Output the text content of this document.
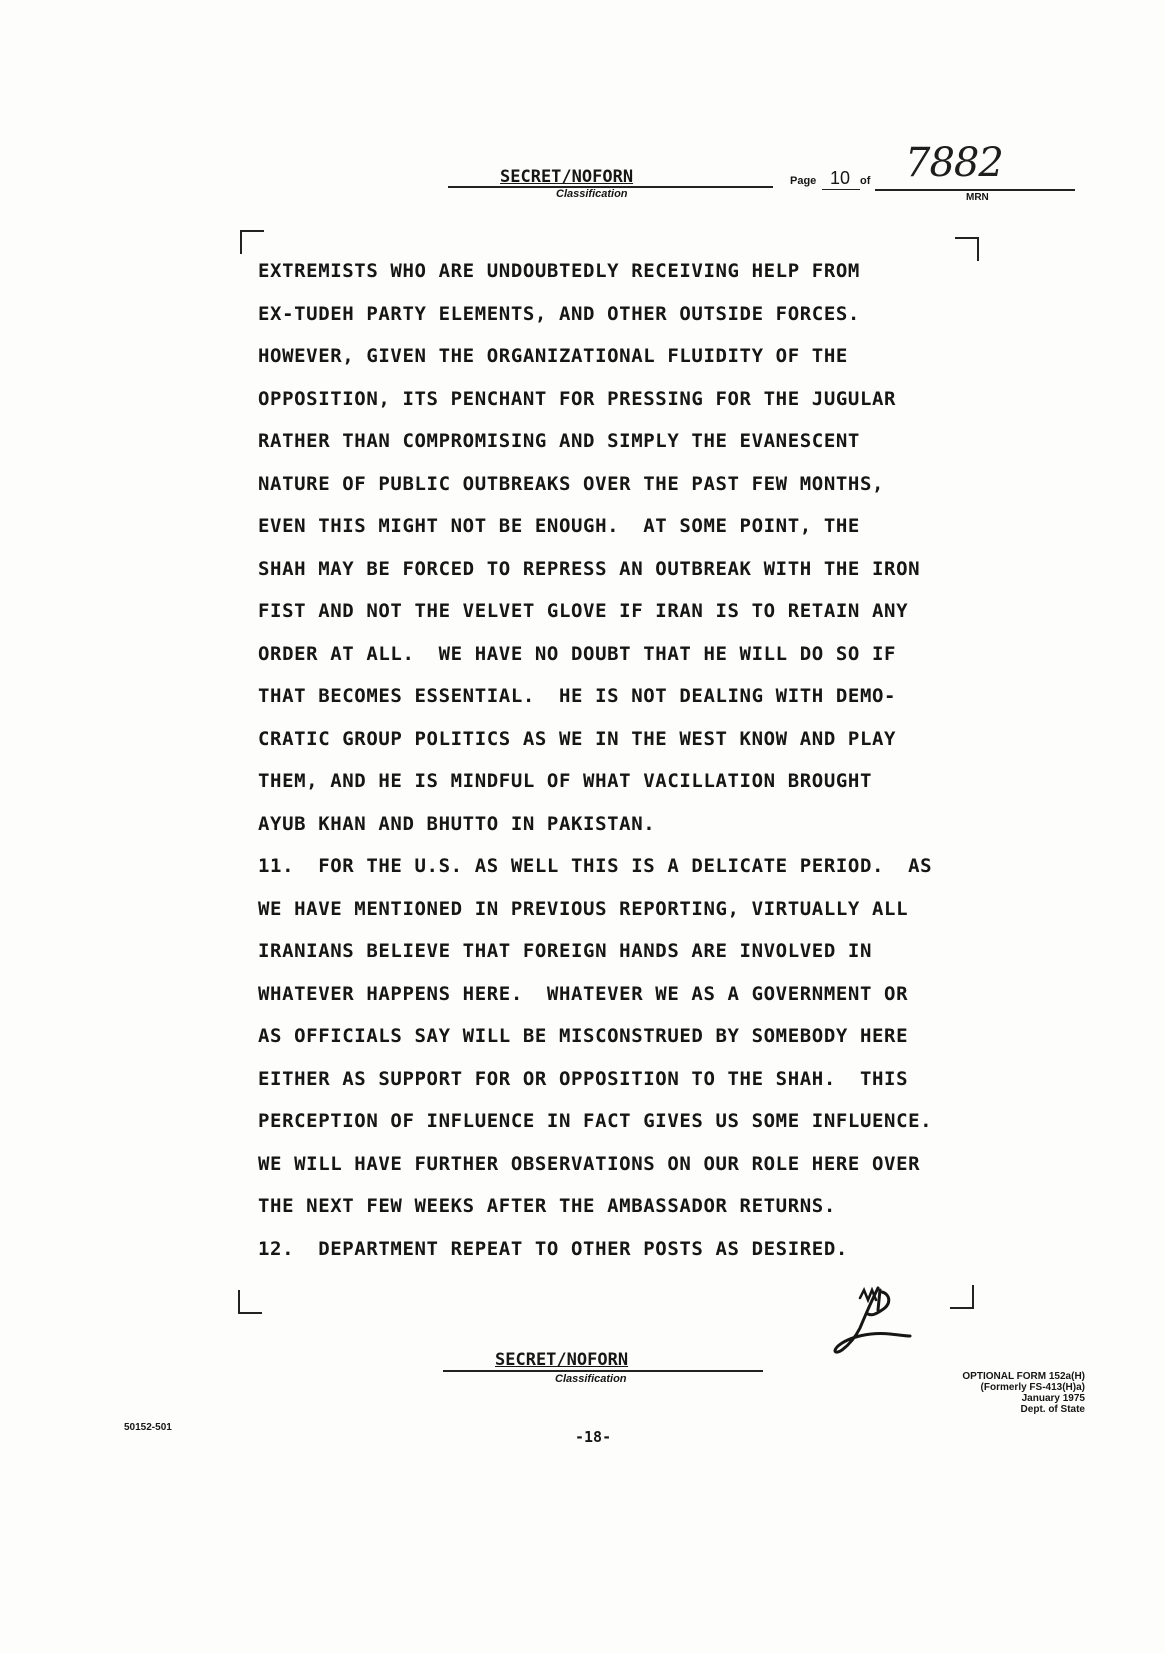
SECRET/NOFORN
Classification
Page 10 of 7882
MRN
EXTREMISTS WHO ARE UNDOUBTEDLY RECEIVING HELP FROM
EX-TUDEH PARTY ELEMENTS, AND OTHER OUTSIDE FORCES.
HOWEVER, GIVEN THE ORGANIZATIONAL FLUIDITY OF THE
OPPOSITION, ITS PENCHANT FOR PRESSING FOR THE JUGULAR
RATHER THAN COMPROMISING AND SIMPLY THE EVANESCENT
NATURE OF PUBLIC OUTBREAKS OVER THE PAST FEW MONTHS,
EVEN THIS MIGHT NOT BE ENOUGH.  AT SOME POINT, THE
SHAH MAY BE FORCED TO REPRESS AN OUTBREAK WITH THE IRON
FIST AND NOT THE VELVET GLOVE IF IRAN IS TO RETAIN ANY
ORDER AT ALL.  WE HAVE NO DOUBT THAT HE WILL DO SO IF
THAT BECOMES ESSENTIAL.  HE IS NOT DEALING WITH DEMO-
CRATIC GROUP POLITICS AS WE IN THE WEST KNOW AND PLAY
THEM, AND HE IS MINDFUL OF WHAT VACILLATION BROUGHT
AYUB KHAN AND BHUTTO IN PAKISTAN.
11.  FOR THE U.S. AS WELL THIS IS A DELICATE PERIOD.  AS
WE HAVE MENTIONED IN PREVIOUS REPORTING, VIRTUALLY ALL
IRANIANS BELIEVE THAT FOREIGN HANDS ARE INVOLVED IN
WHATEVER HAPPENS HERE.  WHATEVER WE AS A GOVERNMENT OR
AS OFFICIALS SAY WILL BE MISCONSTRUED BY SOMEBODY HERE
EITHER AS SUPPORT FOR OR OPPOSITION TO THE SHAH.  THIS
PERCEPTION OF INFLUENCE IN FACT GIVES US SOME INFLUENCE.
WE WILL HAVE FURTHER OBSERVATIONS ON OUR ROLE HERE OVER
THE NEXT FEW WEEKS AFTER THE AMBASSADOR RETURNS.
12.  DEPARTMENT REPEAT TO OTHER POSTS AS DESIRED.
SECRET/NOFORN
Classification	OPTIONAL FORM 152a(H)
(Formerly FS-413(H)a)
January 1975
Dept. of State
50152-501
-18-
